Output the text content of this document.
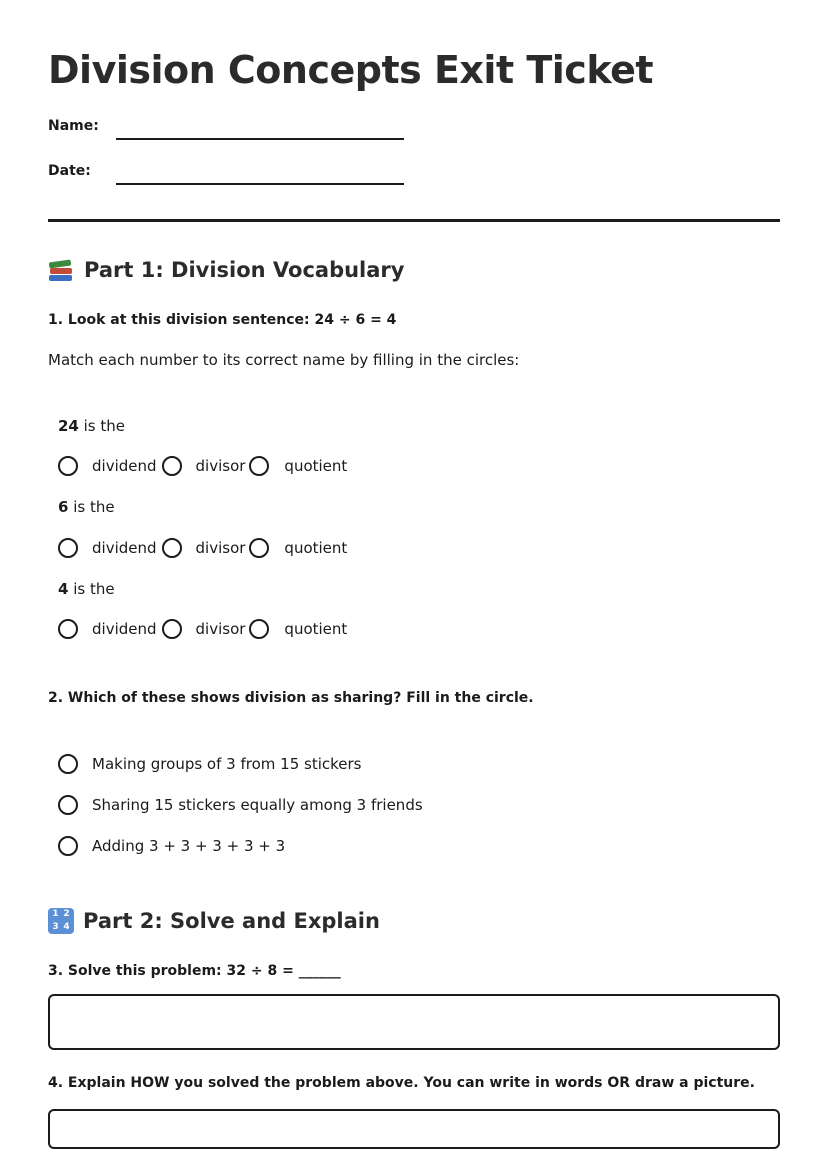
Division Concepts Exit Ticket
Name:
Date:
Part 1: Division Vocabulary
1. Look at this division sentence: 24 ÷ 6 = 4
Match each number to its correct name by filling in the circles:
24 is the
dividend	divisor	quotient
6 is the
dividend	divisor	quotient
4 is the
dividend	divisor	quotient
2. Which of these shows division as sharing? Fill in the circle.
Making groups of 3 from 15 stickers
Sharing 15 stickers equally among 3 friends
Adding 3 + 3 + 3 + 3 + 3
1 2
3 4 Part 2: Solve and Explain
3. Solve this problem: 32 ÷ 8 = ______
4. Explain HOW you solved the problem above. You can write in words OR draw a picture.
